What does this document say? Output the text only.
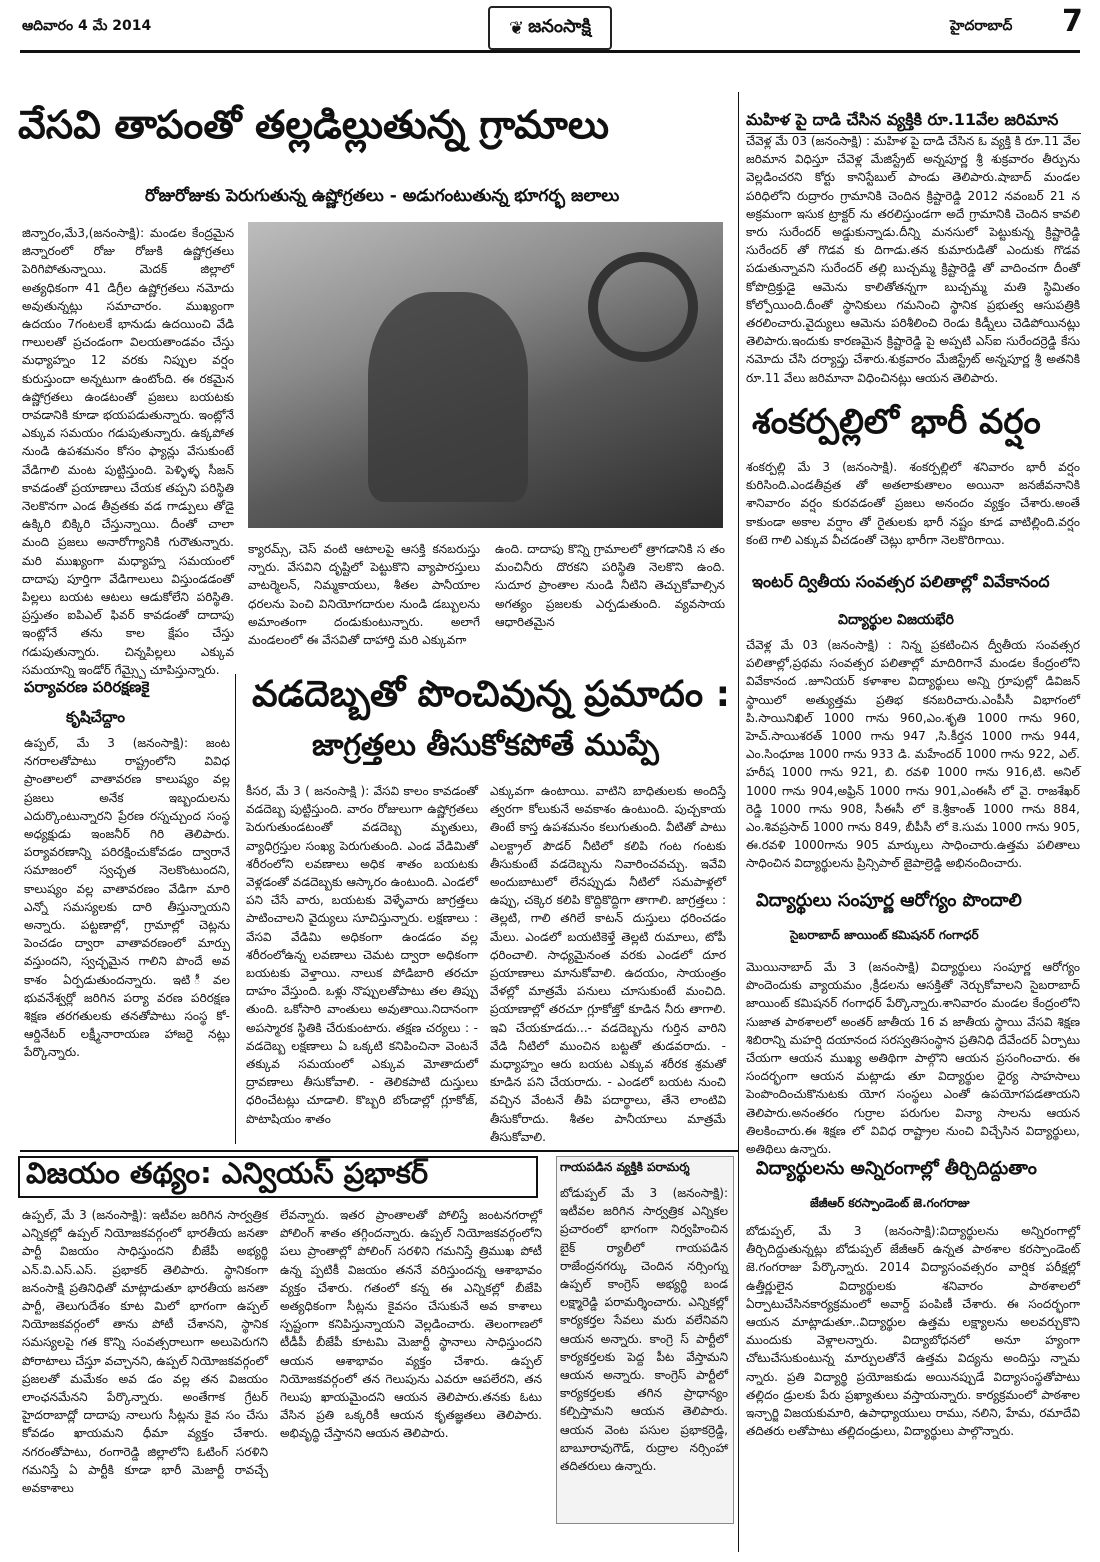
ఆదివారం 4 మే 2014	❦ జనంసాక్షి	హైదరాబాద్ 7
వేసవి తాపంతో తల్లడిల్లుతున్న గ్రామాలు
రోజురోజుకు పెరుగుతున్న ఉష్ణోగ్రతలు - అడుగంటుతున్న భూగర్భ జలాలు
జిన్నారం,మే3,(జనంసాక్షి): మండల కేంద్రమైన జిన్నారంలో రోజు రోజుకి ఉష్ణోగ్రతలు పెరిగిపోతున్నాయి. మెదక్ జిల్లాలో అత్యధికంగా 41 డిగ్రీల ఉష్ణోగ్రతలు నమోదు అవుతున్నట్లు సమాచారం. ముఖ్యంగా ఉదయం 7గంటలకే భానుడు ఉదయించి వేడి గాలులతో ప్రచండంగా విలయతాండవం చేస్తు మధ్యాహ్నం 12 వరకు నిప్పుల వర్షం కురుస్తుందా అన్నటుగా ఉంటోంది. ఈ రకమైన ఉష్ణోగ్రతలు ఉండటంతో ప్రజలు బయటకు రావడానికి కూడా భయపడుతున్నారు. ఇంట్లోనే ఎక్కువ సమయం గడుపుతున్నారు. ఉక్కపోత నుండి ఉపశమనం కోసం ఫ్యాన్లు వేసుకుంటే వేడిగాలి మంట పుట్టిస్తుంది. పెళ్ళిళ్ళ సీజన్ కావడంతో ప్రయాణాలు చేయక తప్పని పరిస్థితి నెలకొనగా ఎండ తీవ్రతకు వడ గాడ్పులు తోడై ఉక్కిరి బిక్కిరి చేస్తున్నాయి. దీంతో చాలా మంది ప్రజలు అనారోగ్యానికి గురౌతున్నారు. మరి ముఖ్యంగా మధ్యాహ్న సమయంలో దాదాపు పూర్తిగా వేడిగాలులు విస్తుండడంతో పిల్లలు బయట ఆటలు ఆడుకోలేని పరిస్థితి. ప్రస్తుతం ఐపిఎల్ ఫివర్ కావడంతో దాదాపు ఇంట్లోనే తను కాల క్షేపం చేస్తు గడుపుతున్నారు. చిన్నపిల్లలు ఎక్కువ సమయాన్ని ఇండోర్ గేమ్స్పై చూపిస్తున్నారు.
క్యారమ్స్, చెస్ వంటి ఆటాలపై ఆసక్తి కనబరుస్తు న్నారు. వేసవిని దృష్టిలో పెట్టుకొని వ్యాపారస్తులు వాటర్మెలన్, నిమ్మకాయలు, శీతల పానీయాల ధరలను పెంచి వినియోగదారుల నుండి డబ్బులను అమాంతంగా దండుకుంటున్నారు. అలాగే మండలంలో ఈ వేసవితో దాహార్తి మరి ఎక్కువగా
ఉంది. దాదాపు కొన్ని గ్రామాలలో త్రాగడానికి స తం మంచినీరు దొరకని పరిస్థితి నెలకొని ఉంది. సుదూర ప్రాంతాల నుండి నీటిని తెచ్చుకోవాల్సిన అగత్యం ప్రజలకు ఎర్పడుతుంది. వ్యవసాయ ఆధారితమైన
మహిళ పై దాడి చేసిన వ్యక్తికి రూ.11వేల జరిమాన
చేవెళ్ల మే 03 (జనంసాక్షి) : మహిళ పై దాడి చేసిన ఓ వ్యక్తి కి రూ.11 వేల జరిమాన విధిస్తూ చేవెళ్ల మేజిస్ట్రేట్ అన్నపూర్ణ శ్రీ శుక్రవారం తీర్పును వెల్లడించరని కోర్టు కానిస్టేబుల్ పాండు తెలిపారు.షాబాద్ మండల పరిధిలోని రుద్రారం గ్రామానికి చెందిన క్రిష్టారెడ్డి 2012 నవంబర్ 21 న అక్రమంగా ఇసుక ట్రాక్టర్ ను తరలిస్తుండగా అదే గ్రామానికి చెందిన కావలి కారు సురేందర్ అడ్డుకున్నాడు.దీన్ని మనసులో పెట్టుకున్న క్రిష్టారెడ్డి సురేందర్ తో గొడవ కు దిగాడు.తన కుమారుడితో ఎందుకు గొడవ పడుతున్నావని సురేందర్ తల్లి బుచ్చమ్మ క్రిష్టారెడ్డి తో వాదించగా దీంతో కోపొద్రిక్తుడై ఆమెను కాలితోతన్నగా బుచ్చమ్మ మతి స్థిమితం కోల్పోయింది.దీంతో స్థానికులు గమనించి స్థానిక ప్రభుత్వ ఆసుపత్రికి తరలించారు.వైద్యులు ఆమెను పరిశీలించి రెండు కిడ్నీలు చెడిపోయినట్లు తెలిపారు.ఇందుకు కారణమైన క్రిష్టారెడ్డి పై అప్పటి ఎస్ఐ సురేందర్రెడ్డి కేసు నమోదు చేసి దర్యాప్తు చేశారు.శుక్రవారం మేజిస్ట్రేట్ అన్నపూర్ణ శ్రీ అతనికి రూ.11 వేలు జరిమానా విధించినట్లు ఆయన తెలిపారు.
శంకర్పల్లిలో భారీ వర్షం
శంకర్పల్లి మే 3 (జనంసాక్షి). శంకర్పల్లిలో శనివారం భారీ వర్షం కురిసింది.ఎండతీవ్రత తో అతలాకుతాలం అయినా జనజీవనానికి శానివారం వర్షం కురవడంతో ప్రజలు అనందం వ్యక్తం చేశారు.అంతే కాకుండా అకాల వర్షాం తో రైతులకు భారీ నష్టం కూడ వాటిల్లింది.వర్షం కంటె గాలి ఎక్కువ వీచడంతో చెట్లు భారీగా నెలకొరిగాయి.
ఇంటర్ ద్వితీయ సంవత్సర పలితాల్లో వివేకానంద
విద్యార్థుల విజయభేరి
చేవెళ్ల మే 03 (జనంసాక్షి) : నిన్న ప్రకటించిన ద్వీతీయ సంవత్సర పలితాల్లో,ప్రథమ సంవత్సర పలితాల్లో మాదిరిగానే మండల కేంద్రంలోని వివేకానంద .జూనియర్ కళాశాల విద్యార్థులు అన్ని గ్రూపుల్లో డివిజన్ స్థాయిలో అత్యుత్తమ ప్రతిభ కనబరిచారు.ఎంపీసీ విభాగంలో పి.సాయినిఖిల్ 1000 గాను 960,ఎం.శృతి 1000 గాను 960, హెచ్.సాయిశరత్ 1000 గాను 947 ,సి.కీర్తన 1000 గాను 944, ఎం.సింధూజ 1000 గాను 933 డి. మహేందర్ 1000 గాను 922, ఎల్. హరీష 1000 గాను 921, బి. రవళి 1000 గాను 916,టి. అనిల్ 1000 గాను 904,అఫ్రిన్ 1000 గాను 901,ఎంఈసీ లో వై. రాజశేఖర్ రెడ్డి 1000 గాను 908, సీఈసీ లో కె.శ్రీకాంత్ 1000 గాను 884, ఎం.శివప్రసాద్ 1000 గాను 849, బీపీసీ లో కె.సుమ 1000 గాను 905, ఈ.రవళి 1000గాను 905 మార్కులు సాధించారు.ఉత్తమ పలితాలు సాధించిన విద్యార్థులను ప్రిన్సిపాల్ జైపాల్రెడ్డి అభినందించారు.
విద్యార్థులు సంపూర్ణ ఆరోగ్యం పొందాలి
సైబరాబాద్ జాయింట్ కమిషనర్ గంగాధర్
మొయినాబాద్ మే 3 (జనంసాక్షి) విద్యార్థులు సంపూర్ణ ఆరోగ్యం పొందెందుకు వ్యాయమం ,క్రీడలను ఆసక్తితో నెర్చుకోవాలని సైబరాబాద్ జాయింట్ కమిషనర్ గంగాధర్ పేర్కొన్నారు.శానివారం మండల కేంద్రంలోని సుజాత పాఠశాలలో అంతర్ జాతీయ 16 వ జాతీయ స్థాయి వేసవి శిక్షణ శిబిరాన్ని మహర్షి దయానంద సరస్వతిసంస్థాన ప్రతినిధి దేవేందర్ ఏర్పాటు చేయగా ఆయన ముఖ్య అతిథిగా పాల్గొని ఆయన ప్రసంగించారు. ఈ సందర్భంగా ఆయన మట్లాడు తూ విద్యార్థుల ధైర్య సాహసాలు పెంపొందించుకొనుటకు యోగ సంస్థలు ఎంతో ఉపయోగపడతాయని తెలిపారు.అనంతరం గుర్రాల పరుగుల విన్యా సాలను ఆయన తిలకించారు.ఈ శిక్షణ లో వివిధ రాష్ట్రాల నుంచి విచ్చేసిన విద్యార్థులు, అతిథిలు ఉన్నారు.
విద్యార్థులను అన్నిరంగాల్లో తీర్చిదిద్దుతాం
జేజీఆర్ కరస్పాండెంట్ జె.గంగరాజు
బోడుప్పల్, మే 3 (జనంసాక్షి):విద్యార్థులను అన్నిరంగాల్లో తీర్చిదిద్దుతున్నట్లు బోడుప్పల్ జేజీఆర్ ఉన్నత పాఠశాల కరస్పాండెంట్ జె.గంగరాజు పేర్కొన్నారు. 2014 విద్యాసంవత్సరం వార్షిక పరీక్షల్లో ఉత్తీర్ణులైన విద్యార్థులకు శనివారం పాఠశాలలో ఏర్పాటుచేసినకార్యక్రమంలో అవార్డ్ పంపిణీ చేశారు. ఈ సందర్భంగా ఆయన మాట్లాడుతూ..విద్యార్థుల ఉత్తమ లక్ష్యాలను అలవర్చుకొని ముందుకు వెళ్లాలన్నారు. విద్యాబోధనలో అనూ హ్యంగా చోటుచేసుకుంటున్న మార్పులతోనే ఉత్తమ విద్యను అందిస్తు న్నామ న్నారు. ప్రతి విద్యార్థి ప్రయోజకుడు అయినప్పుడే విద్యాసంస్థతోపాటు తల్లిదం డ్రులకు పేరు ప్రఖ్యాతులు వస్తాయన్నారు. కార్యక్రమంలో పాఠశాల ఇన్చార్జి విజయకుమారి, ఉపాధ్యాయులు రాము, నలిని, హేమ, రమాదేవి తదితరు లతోపాటు తల్లిదండ్రులు, విద్యార్థులు పాల్గొన్నారు.
పర్యావరణ పరిరక్షణకై
కృషిచేద్దాం
ఉప్పల్, మే 3 (జనంసాక్షి): జంట నగరాలతోపాటు రాష్ట్రంలోని వివిధ ప్రాంతాలలో వాతావరణ కాలుష్యం వల్ల ప్రజలు అనేక ఇబ్బందులను ఎదుర్కొంటున్నారని ప్రేరణ రస్నచ్చుంద సంస్థ అధ్యక్షుడు ఇంజనీర్ గిరి తెలిపారు. పర్యావరణాన్ని పరిరక్షించుకోవడం ద్వారానే సమాజంలో స్వచ్ఛత నెలకొంటుందని, కాలుష్యం వల్ల వాతావరణం వేడిగా మారి ఎన్నో సమస్యలకు దారి తీస్తున్నాయని అన్నారు. పట్టణాల్లో, గ్రామాల్లో చెట్లను పెంచడం ద్వారా వాతావరణంలో మార్పు వస్తుందని, స్వచ్ఛమైన గాలిని పొందే అవ కాశం ఏర్పడుతుందన్నారు. ఇటి ీవల భువనేశ్వర్లో జరిగిన పర్యా వరణ పరిరక్షణ శిక్షణ తరగతులకు తనతోపాటు సంస్థ కో- ఆర్డినేటర్ లక్ష్మీనారాయణ హాజరై నట్లు పేర్కొన్నారు.
వడదెబ్బతో పొంచివున్న ప్రమాదం :
జాగ్రత్తలు తీసుకోకపోతే ముప్పే
కీసర, మే 3 ( జనంసాక్షి ): వేసవి కాలం కావడంతో వడదెబ్బ పుట్టిస్తుంది. వారం రోజులుగా ఉష్ణోగ్రతలు పెరుగుతుండటంతో వడదెబ్బ మృతులు, వ్యాధిగ్రస్తుల సంఖ్య పెరుగుతుంది. ఎండ వేడిమితో శరీరంలోని లవణాలు అధిక శాతం బయటకు వెళ్లడంతో వడదెబ్బకు ఆస్కారం ఉంటుంది. ఎండలో పని చేసే వారు, బయటకు వెళ్ళేవారు జాగ్రత్తలు పాటించాలని వైద్యులు సూచిస్తున్నారు. లక్షణాలు : వేసవి వేడిమి అధికంగా ఉండడం వల్ల శరీరంలోఉన్న లవణాలు చెమట ద్వారా అధికంగా బయటకు వెళ్తాయి. నాలుక పోడిబారి తరచూ దాహం వేస్తుంది. ఒళ్లు నొప్పులతోపాటు తల తిప్పు తుంది. ఒకోసారి వాంతులు అవుతాయి.నిదానంగా అపస్మారక స్థితికి చేరుకుంటారు. తక్షణ చర్యలు : - వడదెబ్బ లక్షణాలు ఏ ఒక్కటి కనిపించినా వెంటనే తక్కువ సమయంలో ఎక్కువ మోతాదులో ద్రావణాలు తీసుకోవాలి. - తెలికపాటి దుస్తులు ధరించేటట్లు చూడాలి. కొబ్బరి బోండాల్లో గ్లూకోజ్, పొటాషియం శాతం
ఎక్కువగా ఉంటాయి. వాటిని బాధితులకు అందిస్తే త్వరగా కోలుకునే అవకాశం ఉంటుంది. పుచ్చకాయ తింటే కాస్త ఉపశమనం కలుగుతుంది. వీటితో పాటు ఎలక్ట్రాల్ పౌడర్ నీటిలో కలిపి గంట గంటకు తీసుకుంటే వడదెబ్బను నివారించవచ్చు. ఇవేవి అందుబాటులో లేనప్పుడు నీటిలో సమపాళ్లలో ఉప్పు, చక్కెర కలిపి కొద్దికొద్దిగా తాగాలి. జాగ్రత్తలు : తెల్లటి, గాలి తగిలే కాటన్ దుస్తులు ధరించడం మేలు. ఎండలో బయటికెళ్తే తెల్లటి రుమాలు, టోపీ ధరించాలి. సాధ్యమైనంత వరకు ఎండలో దూర ప్రయాణాలు మానుకోవాలి. ఉదయం, సాయంత్రం వేళల్లో మాత్రమే పనులు చూసుకుంటే మంచిది. ప్రయాణాల్లో తరచూ గ్లూకోజ్తో కూడిన నీరు తాగాలి. ఇవి చేయకూడదు...- వడదెబ్బను గుర్తిన వారిని వేడి నీటిలో ముంచిన బట్టతో తుడవరాదు. - మధ్యాహ్నం ఆరు బయట ఎక్కువ శరీరక శ్రమతో కూడిన పని చేయరాదు. - ఎండలో బయట నుంచి వచ్చిన వేంటనే తీపి పదార్థాలు, తేనె లాంటివి తీసుకోరాదు. శీతల పానీయాలు మాత్రమే తీసుకోవాలి.
విజయం తథ్యం: ఎన్వియస్ ప్రభాకర్
ఉప్పల్, మే 3 (జనంసాక్షి): ఇటీవల జరిగిన సార్వత్రిక ఎన్నికల్లో ఉప్పల్ నియోజకవర్గంలో భారతీయ జనతా పార్టీ విజయం సాధిస్తుందని బీజేపీ అభ్యర్థి ఎన్.వి.ఎస్.ఎస్. ప్రభాకర్ తెలిపారు. స్థానికంగా జనంసాక్షి ప్రతినిధితో మాట్లాడుతూ భారతీయ జనతా పార్టీ, తెలుగుదేశం కూట మిలో భాగంగా ఉప్పల్ నియోజకవర్గంలో తాను పోటీ చేశానని, స్థానిక సమస్యలపై గత కొన్ని సంవత్సరాలుగా అలుపెరుగని పోరాటాలు చేస్తూ వచ్చానని, ఉప్పల్ నియోజకవర్గంలో ప్రజలతో మమేకం అవ డం వల్ల తన విజయం లాంఛనమేనని పేర్కొన్నారు. అంతేగాక గ్రేటర్ హైదరాబాద్లో దాదాపు నాలుగు సీట్లను కైవ సం చేసు కోవడం ఖాయమని ధీమా వ్యక్తం చేశారు. నగరంతోపాటు, రంగారెడ్డి జిల్లాలోని ఓటింగ్ సరళిని గమనిస్తే ఏ పార్టీకి కూడా భారీ మెజార్టీ రావచ్చే అవకాశాలు
లేవన్నారు. ఇతర ప్రాంతాలతో పోలిస్తే జంటనగరాల్లో పోలింగ్ శాతం తగ్గిందన్నారు. ఉప్పల్ నియోజకవర్గంలోని పలు ప్రాంతాల్లో పోలింగ్ సరళిని గమనిస్తే త్రిముఖ పోటీ ఉన్న ప్పటికీ విజయం తననే వరిస్తుందన్న ఆశాభావం వ్యక్తం చేశారు. గతంలో కన్న ఈ ఎన్నికల్లో బీజేపి అత్యధికంగా సీట్లను కైవసం చేసుకునే అవ కాశాలు స్పష్టంగా కనిపిస్తున్నాయని వెల్లడించారు. తెలంగాణలో టీడీపీ బీజేపీ కూటమి మెజార్టీ స్థానాలు సాధిస్తుందని ఆయన ఆశాభావం వ్యక్తం చేశారు. ఉప్పల్ నియోజకవర్గంలో తన గెలుపును ఎవరూ ఆపలేరని, తన గెలుపు ఖాయమైందని ఆయన తెలిపారు.తనకు ఓటు వేసిన ప్రతి ఒక్కరికీ ఆయన కృతజ్ఞతలు తెలిపారు. అభివృద్ధి చేస్తానని ఆయన తెలిపారు.
గాయపడిన వ్యక్తికి పరామర్శ
బోడుప్పల్ మే 3 (జనంసాక్షి): ఇటీవల జరిగిన సార్వత్రిక ఎన్నికల ప్రచారంలో భాగంగా నిర్వహించిన బైక్ ర్యాలీలో గాయపడిన రాజేంద్రనగర్కు చెందిన నర్సింగ్ను ఉప్పల్ కాంగ్రెస్ అభ్యర్థి బండ లక్ష్మారెడ్డి పరామర్శించారు. ఎన్నికల్లో కార్యకర్తల సేవలు మరు వలేనివని ఆయన అన్నారు. కాంగ్రె స్ పార్టీలో కార్యకర్తలకు పెద్ద పీట వేస్తామని ఆయన అన్నారు. కాంగ్రెస్ పార్టీలో కార్యకర్తలకు తగిన ప్రాధాన్యం కల్పిస్తామని ఆయన తెలిపారు. ఆయన వెంట పసుల ప్రభాకర్రెడ్డి, బాబూరావుగౌడ్, రుద్రాల నర్సింహా తదితరులు ఉన్నారు.
